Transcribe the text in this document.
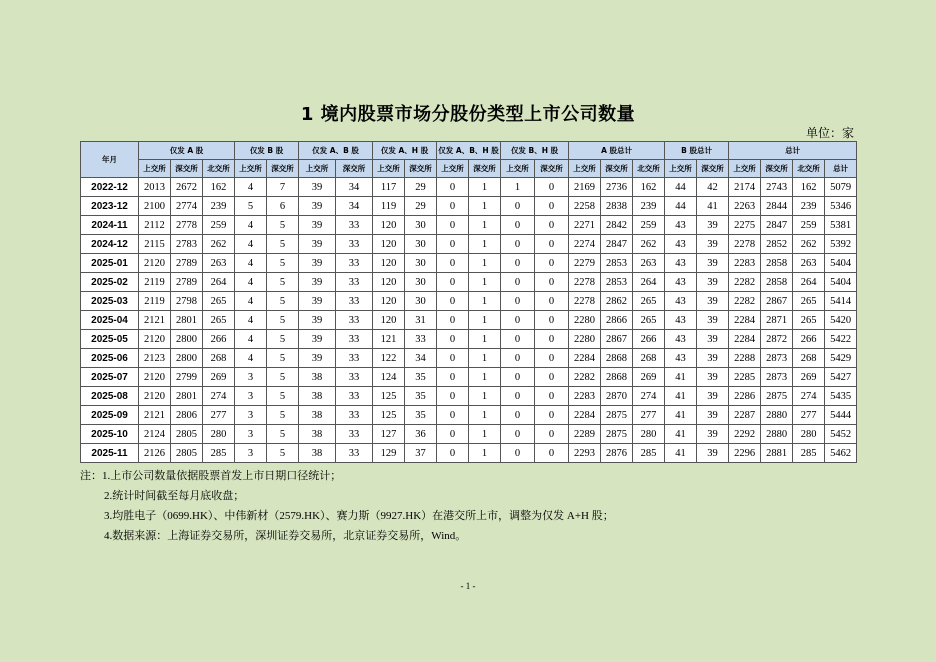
1 境内股票市场分股份类型上市公司数量
单位：家
年月	仅发 A 股			仅发 B 股		仅发 A、B 股		仅发 A、H 股		仅发 A、B、H 股		仅发 B、H 股		A 股总计			B 股总计		总计			
	上交所	深交所	北交所	上交所	深交所	上交所	深交所	上交所	深交所	上交所	深交所	上交所	深交所	上交所	深交所	北交所	上交所	深交所	上交所	深交所	北交所	总计
2022-12	2013	2672	162	4	7	39	34	117	29	0	1	1	0	2169	2736	162	44	42	2174	2743	162	5079
2023-12	2100	2774	239	5	6	39	34	119	29	0	1	0	0	2258	2838	239	44	41	2263	2844	239	5346
2024-11	2112	2778	259	4	5	39	33	120	30	0	1	0	0	2271	2842	259	43	39	2275	2847	259	5381
2024-12	2115	2783	262	4	5	39	33	120	30	0	1	0	0	2274	2847	262	43	39	2278	2852	262	5392
2025-01	2120	2789	263	4	5	39	33	120	30	0	1	0	0	2279	2853	263	43	39	2283	2858	263	5404
2025-02	2119	2789	264	4	5	39	33	120	30	0	1	0	0	2278	2853	264	43	39	2282	2858	264	5404
2025-03	2119	2798	265	4	5	39	33	120	30	0	1	0	0	2278	2862	265	43	39	2282	2867	265	5414
2025-04	2121	2801	265	4	5	39	33	120	31	0	1	0	0	2280	2866	265	43	39	2284	2871	265	5420
2025-05	2120	2800	266	4	5	39	33	121	33	0	1	0	0	2280	2867	266	43	39	2284	2872	266	5422
2025-06	2123	2800	268	4	5	39	33	122	34	0	1	0	0	2284	2868	268	43	39	2288	2873	268	5429
2025-07	2120	2799	269	3	5	38	33	124	35	0	1	0	0	2282	2868	269	41	39	2285	2873	269	5427
2025-08	2120	2801	274	3	5	38	33	125	35	0	1	0	0	2283	2870	274	41	39	2286	2875	274	5435
2025-09	2121	2806	277	3	5	38	33	125	35	0	1	0	0	2284	2875	277	41	39	2287	2880	277	5444
2025-10	2124	2805	280	3	5	38	33	127	36	0	1	0	0	2289	2875	280	41	39	2292	2880	280	5452
2025-11	2126	2805	285	3	5	38	33	129	37	0	1	0	0	2293	2876	285	41	39	2296	2881	285	5462
注：1.上市公司数量依据股票首发上市日期口径统计；
2.统计时间截至每月底收盘；
3.均胜电子（0699.HK）、中伟新材（2579.HK）、赛力斯（9927.HK）在港交所上市，调整为仅发 A+H 股；
4.数据来源：上海证券交易所，深圳证券交易所，北京证券交易所，Wind。
- 1 -
